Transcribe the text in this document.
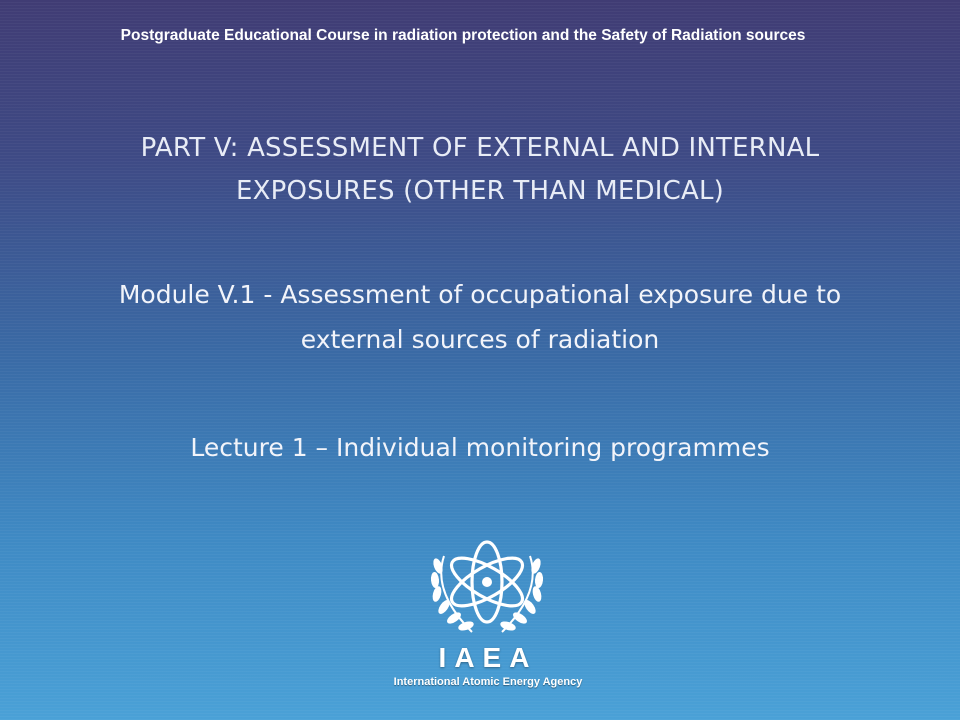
Postgraduate Educational Course in radiation protection and the Safety of Radiation sources
PART V: ASSESSMENT OF EXTERNAL AND INTERNAL
EXPOSURES (OTHER THAN MEDICAL)
Module V.1 - Assessment of occupational exposure due to
external sources of radiation
Lecture 1 – Individual monitoring programmes
IAEA
International Atomic Energy Agency
